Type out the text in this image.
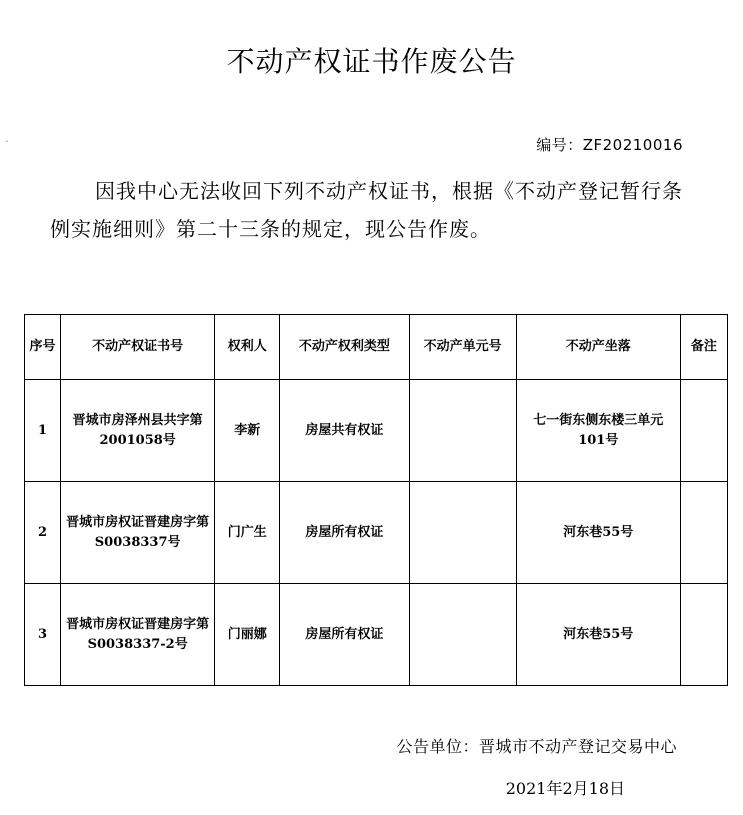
不动产权证书作废公告
ˇ	编号：ZF20210016
因我中心无法收回下列不动产权证书，根据《不动产登记暂行条例实施细则》第二十三条的规定，现公告作废。
序号	不动产权证书号	权利人	不动产权利类型	不动产单元号	不动产坐落	备注
1	晋城市房泽州县共字第2001058号	李新	房屋共有权证		七一街东侧东楼三单元101号	
2	晋城市房权证晋建房字第S0038337号	门广生	房屋所有权证		河东巷55号	
3	晋城市房权证晋建房字第S0038337-2号	门丽娜	房屋所有权证		河东巷55号	
公告单位：晋城市不动产登记交易中心
2021年2月18日
